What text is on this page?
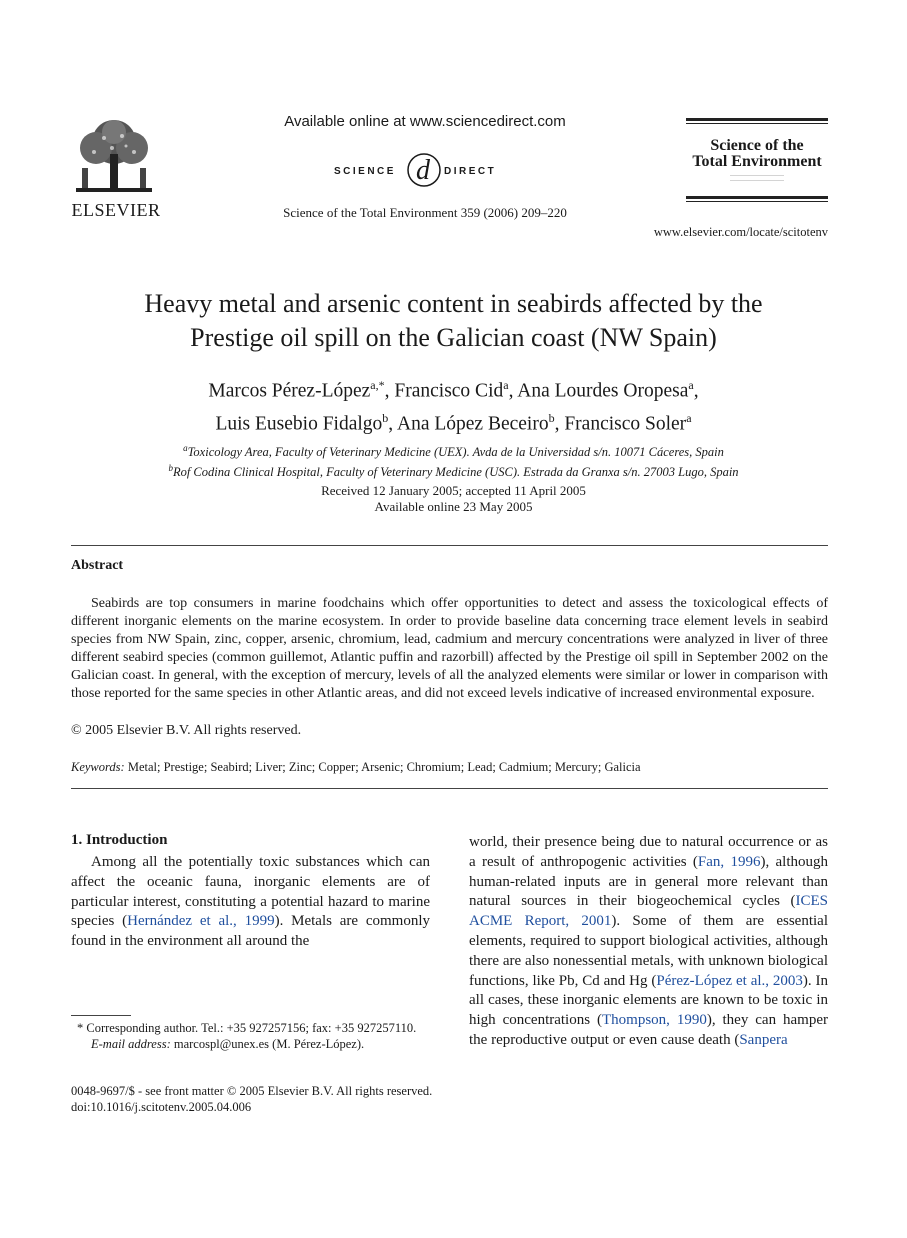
ELSEVIER
Available online at www.sciencedirect.com
SCIENCE d DIRECT
Science of the Total Environment 359 (2006) 209–220
Science of the
Total Environment
————————————
————————————
www.elsevier.com/locate/scitotenv
Heavy metal and arsenic content in seabirds affected by the
Prestige oil spill on the Galician coast (NW Spain)
Marcos Pérez-López$^{a,*}$, Francisco Cid$^a$, Ana Lourdes Oropesa$^a$,
Luis Eusebio Fidalgo$^b$, Ana López Beceiro$^b$, Francisco Soler$^a$
$^a$Toxicology Area, Faculty of Veterinary Medicine (UEX). Avda de la Universidad s/n. 10071 Cáceres, Spain
$^b$Rof Codina Clinical Hospital, Faculty of Veterinary Medicine (USC). Estrada da Granxa s/n. 27003 Lugo, Spain
Received 12 January 2005; accepted 11 April 2005
Available online 23 May 2005
Abstract
Seabirds are top consumers in marine foodchains which offer opportunities to detect and assess the toxicological effects of different inorganic elements on the marine ecosystem. In order to provide baseline data concerning trace element levels in seabird species from NW Spain, zinc, copper, arsenic, chromium, lead, cadmium and mercury concentrations were analyzed in liver of three different seabird species (common guillemot, Atlantic puffin and razorbill) affected by the Prestige oil spill in September 2002 on the Galician coast. In general, with the exception of mercury, levels of all the analyzed elements were similar or lower in comparison with those reported for the same species in other Atlantic areas, and did not exceed levels indicative of increased environmental exposure.
© 2005 Elsevier B.V. All rights reserved.
Keywords: Metal; Prestige; Seabird; Liver; Zinc; Copper; Arsenic; Chromium; Lead; Cadmium; Mercury; Galicia
1. Introduction
Among all the potentially toxic substances which can affect the oceanic fauna, inorganic elements are of particular interest, constituting a potential hazard to marine species (Hernández et al., 1999). Metals are commonly found in the environment all around the
world, their presence being due to natural occurrence or as a result of anthropogenic activities (Fan, 1996), although human-related inputs are in general more relevant than natural sources in their biogeochemical cycles (ICES ACME Report, 2001). Some of them are essential elements, required to support biological activities, although there are also nonessential metals, with unknown biological functions, like Pb, Cd and Hg (Pérez-López et al., 2003). In all cases, these inorganic elements are known to be toxic in high concentrations (Thompson, 1990), they can hamper the reproductive output or even cause death (Sanpera
* Corresponding author. Tel.: +35 927257156; fax: +35 927257110.
E-mail address: marcospl@unex.es (M. Pérez-López).
0048-9697/$ - see front matter © 2005 Elsevier B.V. All rights reserved.
doi:10.1016/j.scitotenv.2005.04.006
